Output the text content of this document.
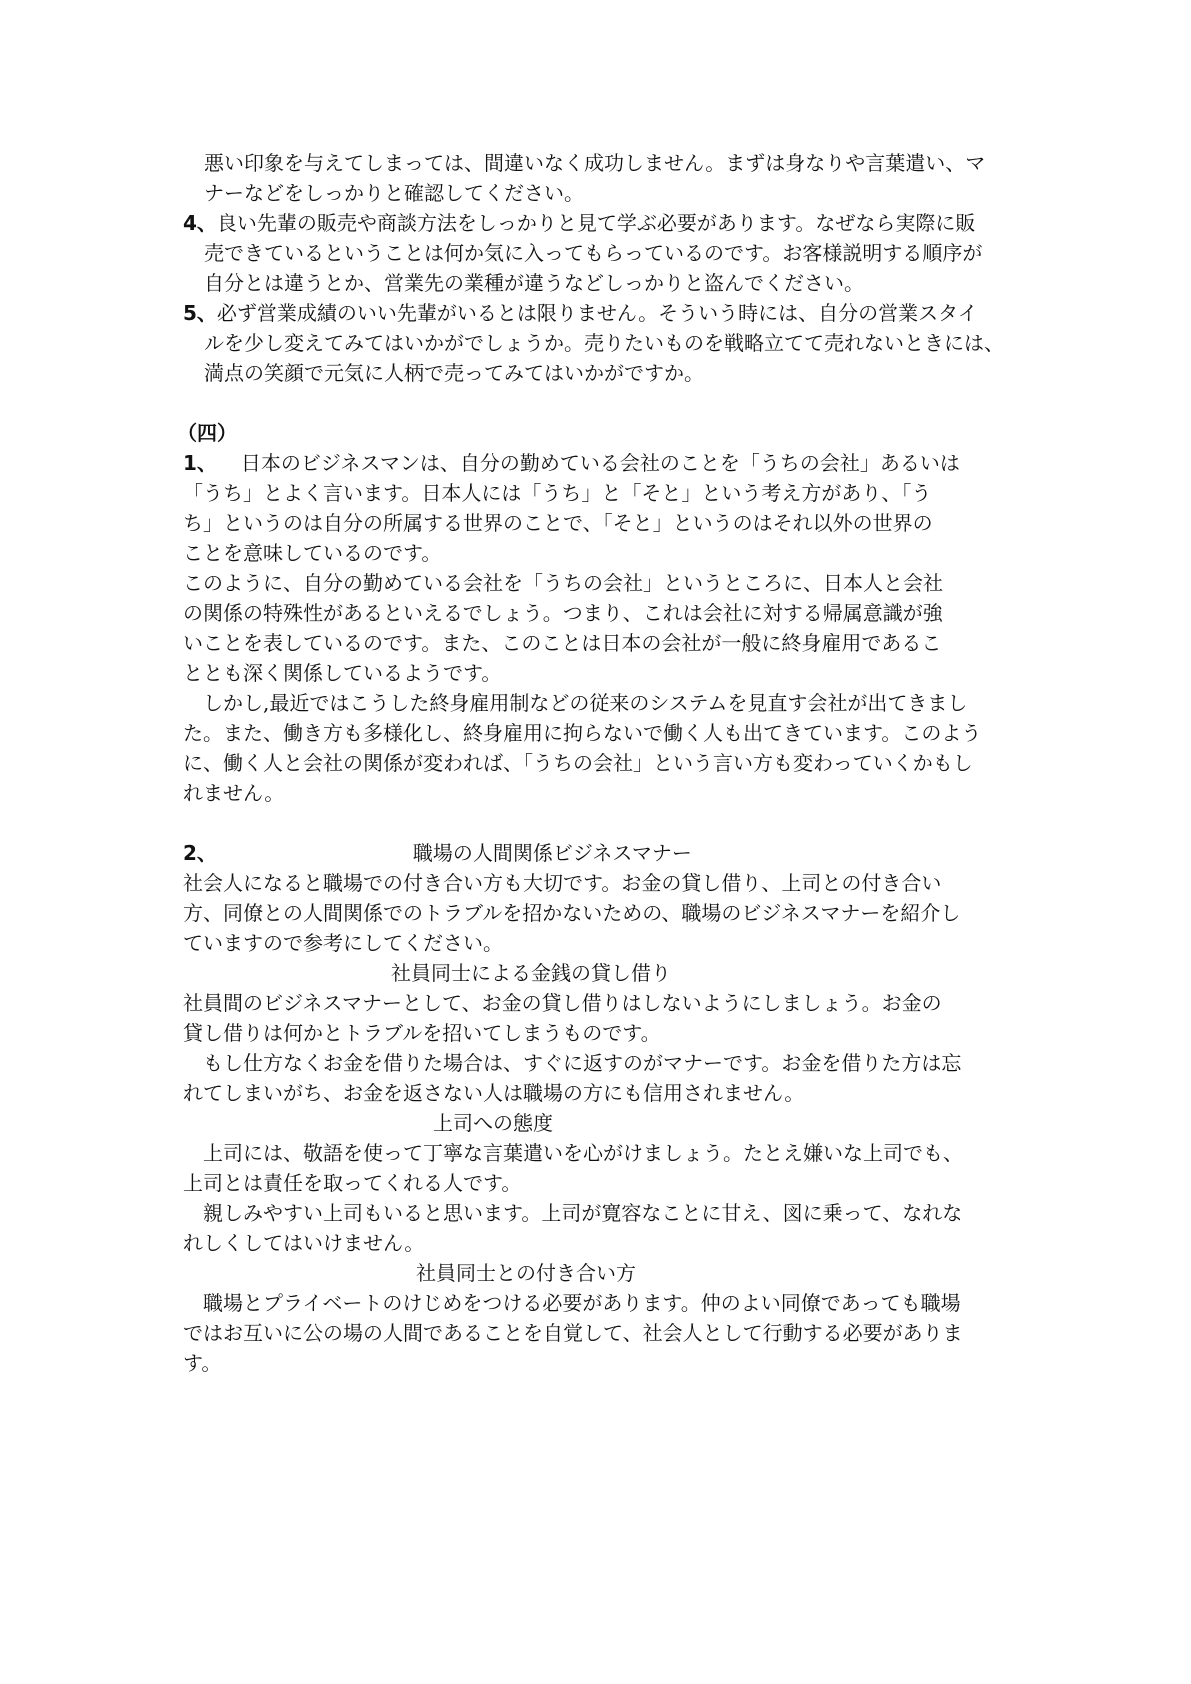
悪い印象を与えてしまっては、間違いなく成功しません。まずは身なりや言葉遣い、マ
ナーなどをしっかりと確認してください。
4、良い先輩の販売や商談方法をしっかりと見て学ぶ必要があります。なぜなら実際に販
売できているということは何か気に入ってもらっているのです。お客様説明する順序が
自分とは違うとか、営業先の業種が違うなどしっかりと盗んでください。
5、必ず営業成績のいい先輩がいるとは限りません。そういう時には、自分の営業スタイ
ルを少し変えてみてはいかがでしょうか。売りたいものを戦略立てて売れないときには、
満点の笑顔で元気に人柄で売ってみてはいかがですか。
（四）
1、　日本のビジネスマンは、自分の勤めている会社のことを「うちの会社」あるいは
「うち」とよく言います。日本人には「うち」と「そと」という考え方があり、「う
ち」というのは自分の所属する世界のことで、「そと」というのはそれ以外の世界の
ことを意味しているのです。
このように、自分の勤めている会社を「うちの会社」というところに、日本人と会社
の関係の特殊性があるといえるでしょう。つまり、これは会社に対する帰属意識が強
いことを表しているのです。また、このことは日本の会社が一般に終身雇用であるこ
ととも深く関係しているようです。
　しかし,最近ではこうした終身雇用制などの従来のシステムを見直す会社が出てきまし
た。また、働き方も多様化し、終身雇用に拘らないで働く人も出てきています。このよう
に、働く人と会社の関係が変われば、「うちの会社」という言い方も変わっていくかもし
れません。
2、	職場の人間関係ビジネスマナー
社会人になると職場での付き合い方も大切です。お金の貸し借り、上司との付き合い
方、同僚との人間関係でのトラブルを招かないための、職場のビジネスマナーを紹介し
ていますので参考にしてください。
社員同士による金銭の貸し借り
社員間のビジネスマナーとして、お金の貸し借りはしないようにしましょう。お金の
貸し借りは何かとトラブルを招いてしまうものです。
　もし仕方なくお金を借りた場合は、すぐに返すのがマナーです。お金を借りた方は忘
れてしまいがち、お金を返さない人は職場の方にも信用されません。
上司への態度
　上司には、敬語を使って丁寧な言葉遣いを心がけましょう。たとえ嫌いな上司でも、
上司とは責任を取ってくれる人です。
　親しみやすい上司もいると思います。上司が寛容なことに甘え、図に乗って、なれな
れしくしてはいけません。
社員同士との付き合い方
　職場とプライベートのけじめをつける必要があります。仲のよい同僚であっても職場
ではお互いに公の場の人間であることを自覚して、社会人として行動する必要がありま
す。
